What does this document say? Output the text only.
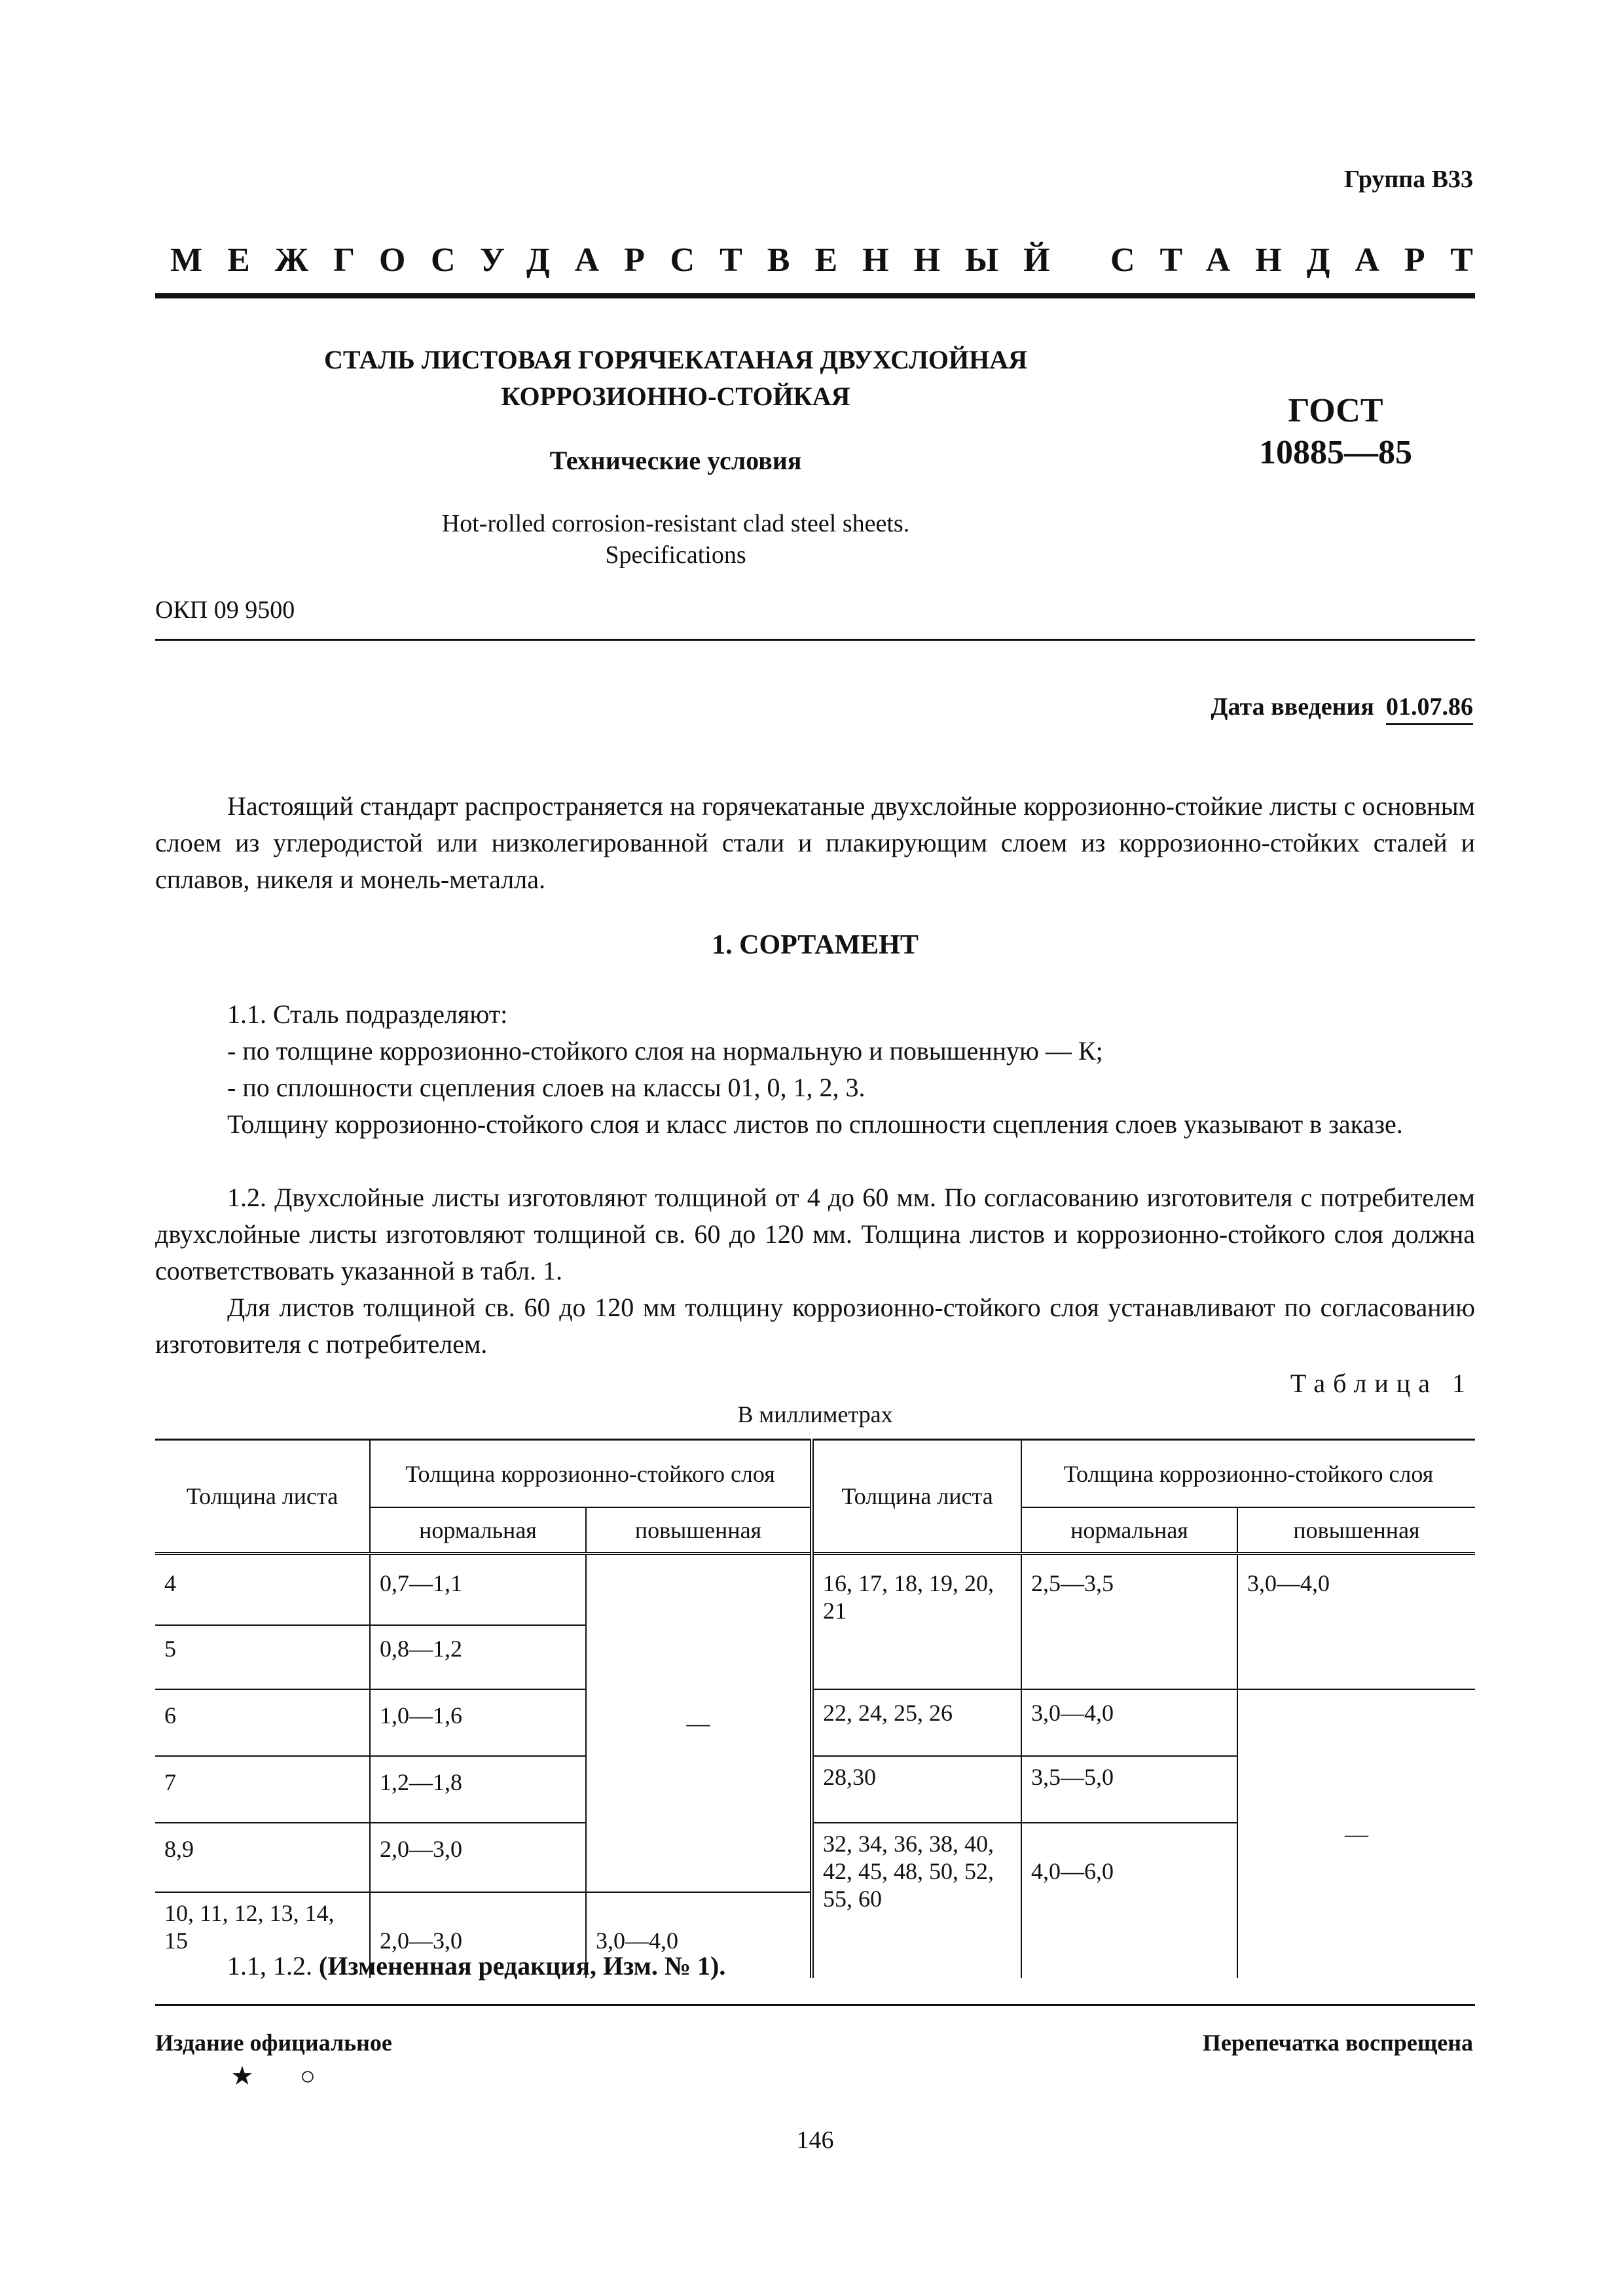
Группа В33
МЕЖГОСУДАРСТВЕННЫЙ СТАНДАРТ
СТАЛЬ ЛИСТОВАЯ ГОРЯЧЕКАТАНАЯ ДВУХСЛОЙНАЯ
КОРРОЗИОННО-СТОЙКАЯ
Технические условия
Hot-rolled corrosion-resistant clad steel sheets.
Specifications
ГОСТ
10885—85
ОКП 09 9500
Дата введения 01.07.86
Настоящий стандарт распространяется на горячекатаные двухслойные коррозионно-стойкие листы с основным слоем из углеродистой или низколегированной стали и плакирующим слоем из коррозионно-стойких сталей и сплавов, никеля и монель-металла.
1. СОРТАМЕНТ
1.1. Сталь подразделяют:
- по толщине коррозионно-стойкого слоя на нормальную и повышенную — К;
- по сплошности сцепления слоев на классы 01, 0, 1, 2, 3.
Толщину коррозионно-стойкого слоя и класс листов по сплошности сцепления слоев указывают в заказе.
1.2. Двухслойные листы изготовляют толщиной от 4 до 60 мм. По согласованию изготовителя с потребителем двухслойные листы изготовляют толщиной св. 60 до 120 мм. Толщина листов и коррозионно-стойкого слоя должна соответствовать указанной в табл. 1.
Для листов толщиной св. 60 до 120 мм толщину коррозионно-стойкого слоя устанавливают по согласованию изготовителя с потребителем.
Таблица 1
В миллиметрах
Толщина листа	Толщина коррозионно-стойкого слоя		Толщина листа	Толщина коррозионно-стойкого слоя	
	нормальная	повышенная		нормальная	повышенная
4	0,7—1,1	—	16, 17, 18, 19, 20, 21	2,5—3,5	3,0—4,0
5	0,8—1,2				
6	1,0—1,6		22, 24, 25, 26	3,0—4,0	—
7	1,2—1,8		28,30	3,5—5,0	
8,9	2,0—3,0		32, 34, 36, 38, 40, 42, 45, 48, 50, 52, 55, 60	4,0—6,0	
10, 11, 12, 13, 14, 15	2,0—3,0	3,0—4,0			
1.1, 1.2. (Измененная редакция, Изм. № 1).
Издание официальное	Перепечатка воспрещена
★ ○
146
